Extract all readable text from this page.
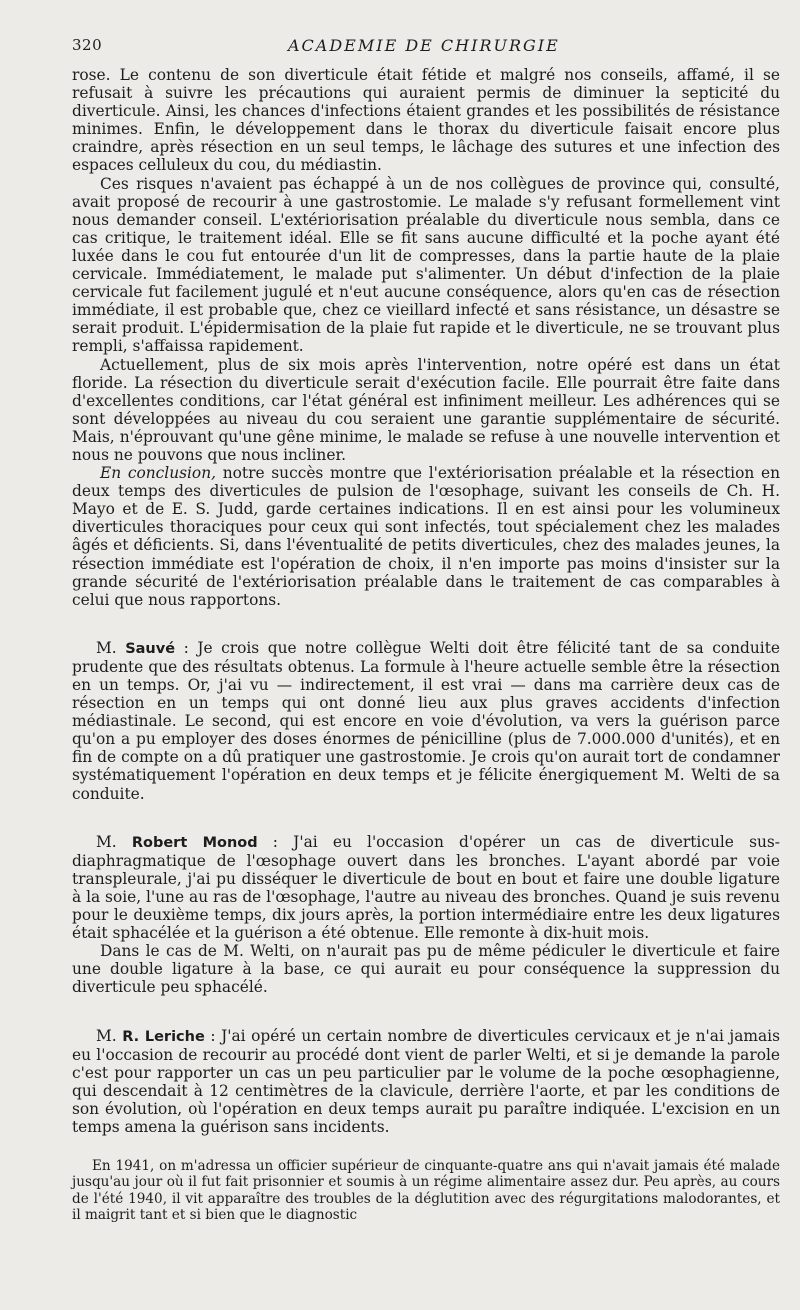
320	ACADEMIE DE CHIRURGIE

rose. Le contenu de son diverticule était fétide et malgré nos conseils, affamé, il se refusait à suivre les précautions qui auraient permis de diminuer la septicité du diverticule. Ainsi, les chances d'infections étaient grandes et les possibilités de résistance minimes. Enfin, le développement dans le thorax du diverticule faisait encore plus craindre, après résection en un seul temps, le lâchage des sutures et une infection des espaces celluleux du cou, du médiastin.

Ces risques n'avaient pas échappé à un de nos collègues de province qui, consulté, avait proposé de recourir à une gastrostomie. Le malade s'y refusant formellement vint nous demander conseil. L'extériorisation préalable du diverticule nous sembla, dans ce cas critique, le traitement idéal. Elle se fit sans aucune difficulté et la poche ayant été luxée dans le cou fut entourée d'un lit de compresses, dans la partie haute de la plaie cervicale. Immédiatement, le malade put s'alimenter. Un début d'infection de la plaie cervicale fut facilement jugulé et n'eut aucune conséquence, alors qu'en cas de résection immédiate, il est probable que, chez ce vieillard infecté et sans résistance, un désastre se serait produit. L'épidermisation de la plaie fut rapide et le diverticule, ne se trouvant plus rempli, s'affaissa rapidement.

Actuellement, plus de six mois après l'intervention, notre opéré est dans un état floride. La résection du diverticule serait d'exécution facile. Elle pourrait être faite dans d'excellentes conditions, car l'état général est infiniment meilleur. Les adhérences qui se sont développées au niveau du cou seraient une garantie supplémentaire de sécurité. Mais, n'éprouvant qu'une gêne minime, le malade se refuse à une nouvelle intervention et nous ne pouvons que nous incliner.

En conclusion, notre succès montre que l'extériorisation préalable et la résection en deux temps des diverticules de pulsion de l'œsophage, suivant les conseils de Ch. H. Mayo et de E. S. Judd, garde certaines indications. Il en est ainsi pour les volumineux diverticules thoraciques pour ceux qui sont infectés, tout spécialement chez les malades âgés et déficients. Si, dans l'éventualité de petits diverticules, chez des malades jeunes, la résection immédiate est l'opération de choix, il n'en importe pas moins d'insister sur la grande sécurité de l'extériorisation préalable dans le traitement de cas comparables à celui que nous rapportons.

M. Sauvé : Je crois que notre collègue Welti doit être félicité tant de sa conduite prudente que des résultats obtenus. La formule à l'heure actuelle semble être la résection en un temps. Or, j'ai vu — indirectement, il est vrai — dans ma carrière deux cas de résection en un temps qui ont donné lieu aux plus graves accidents d'infection médiastinale. Le second, qui est encore en voie d'évolution, va vers la guérison parce qu'on a pu employer des doses énormes de pénicilline (plus de 7.000.000 d'unités), et en fin de compte on a dû pratiquer une gastrostomie. Je crois qu'on aurait tort de condamner systématiquement l'opération en deux temps et je félicite énergiquement M. Welti de sa conduite.

M. Robert Monod : J'ai eu l'occasion d'opérer un cas de diverticule sus-diaphragmatique de l'œsophage ouvert dans les bronches. L'ayant abordé par voie transpleurale, j'ai pu disséquer le diverticule de bout en bout et faire une double ligature à la soie, l'une au ras de l'œsophage, l'autre au niveau des bronches. Quand je suis revenu pour le deuxième temps, dix jours après, la portion intermédiaire entre les deux ligatures était sphacélée et la guérison a été obtenue. Elle remonte à dix-huit mois.

Dans le cas de M. Welti, on n'aurait pas pu de même pédiculer le diverticule et faire une double ligature à la base, ce qui aurait eu pour conséquence la suppression du diverticule peu sphacélé.

M. R. Leriche : J'ai opéré un certain nombre de diverticules cervicaux et je n'ai jamais eu l'occasion de recourir au procédé dont vient de parler Welti, et si je demande la parole c'est pour rapporter un cas un peu particulier par le volume de la poche œsophagienne, qui descendait à 12 centimètres de la clavicule, derrière l'aorte, et par les conditions de son évolution, où l'opération en deux temps aurait pu paraître indiquée. L'excision en un temps amena la guérison sans incidents.

En 1941, on m'adressa un officier supérieur de cinquante-quatre ans qui n'avait jamais été malade jusqu'au jour où il fut fait prisonnier et soumis à un régime alimentaire assez dur. Peu après, au cours de l'été 1940, il vit apparaître des troubles de la déglutition avec des régurgitations malodorantes, et il maigrit tant et si bien que le diagnostic
